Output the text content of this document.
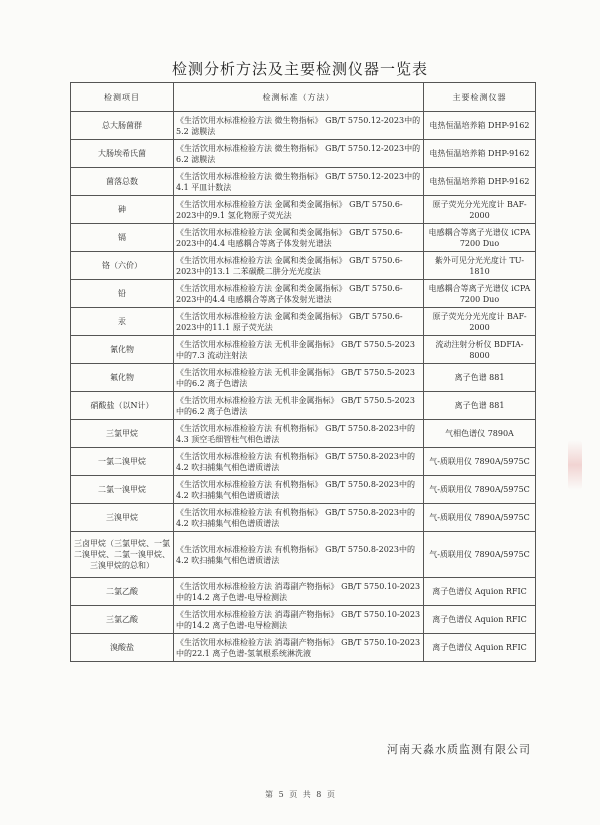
检测分析方法及主要检测仪器一览表
检测项目	检测标准（方法）	主要检测仪器
总大肠菌群	《生活饮用水标准检验方法 微生物指标》 GB/T 5750.12-2023中的5.2 滤膜法	电热恒温培养箱 DHP-9162
大肠埃希氏菌	《生活饮用水标准检验方法 微生物指标》 GB/T 5750.12-2023中的6.2 滤膜法	电热恒温培养箱 DHP-9162
菌落总数	《生活饮用水标准检验方法 微生物指标》 GB/T 5750.12-2023中的4.1 平皿计数法	电热恒温培养箱 DHP-9162
砷	《生活饮用水标准检验方法 金属和类金属指标》 GB/T 5750.6-2023中的9.1 氢化物原子荧光法	原子荧光分光光度计 BAF-2000
镉	《生活饮用水标准检验方法 金属和类金属指标》 GB/T 5750.6-2023中的4.4 电感耦合等离子体发射光谱法	电感耦合等离子光谱仪 iCPA 7200 Duo
铬（六价）	《生活饮用水标准检验方法 金属和类金属指标》 GB/T 5750.6-2023中的13.1 二苯碳酰二肼分光光度法	紫外可见分光光度计 TU-1810
铅	《生活饮用水标准检验方法 金属和类金属指标》 GB/T 5750.6-2023中的4.4 电感耦合等离子体发射光谱法	电感耦合等离子光谱仪 iCPA 7200 Duo
汞	《生活饮用水标准检验方法 金属和类金属指标》 GB/T 5750.6-2023中的11.1 原子荧光法	原子荧光分光光度计 BAF-2000
氰化物	《生活饮用水标准检验方法 无机非金属指标》 GB/T 5750.5-2023中的7.3 流动注射法	流动注射分析仪 BDFIA-8000
氟化物	《生活饮用水标准检验方法 无机非金属指标》 GB/T 5750.5-2023中的6.2 离子色谱法	离子色谱 881
硝酸盐（以N计）	《生活饮用水标准检验方法 无机非金属指标》 GB/T 5750.5-2023中的6.2 离子色谱法	离子色谱 881
三氯甲烷	《生活饮用水标准检验方法 有机物指标》 GB/T 5750.8-2023中的4.3 顶空毛细管柱气相色谱法	气相色谱仪 7890A
一氯二溴甲烷	《生活饮用水标准检验方法 有机物指标》 GB/T 5750.8-2023中的4.2 吹扫捕集气相色谱质谱法	气-质联用仪 7890A/5975C
二氯一溴甲烷	《生活饮用水标准检验方法 有机物指标》 GB/T 5750.8-2023中的4.2 吹扫捕集气相色谱质谱法	气-质联用仪 7890A/5975C
三溴甲烷	《生活饮用水标准检验方法 有机物指标》 GB/T 5750.8-2023中的4.2 吹扫捕集气相色谱质谱法	气-质联用仪 7890A/5975C
三卤甲烷（三氯甲烷、一氯二溴甲烷、二氯一溴甲烷、三溴甲烷的总和）	《生活饮用水标准检验方法 有机物指标》 GB/T 5750.8-2023中的4.2 吹扫捕集气相色谱质谱法	气-质联用仪 7890A/5975C
二氯乙酸	《生活饮用水标准检验方法 消毒副产物指标》 GB/T 5750.10-2023中的14.2 离子色谱-电导检测法	离子色谱仪 Aquion RFIC
三氯乙酸	《生活饮用水标准检验方法 消毒副产物指标》 GB/T 5750.10-2023中的14.2 离子色谱-电导检测法	离子色谱仪 Aquion RFIC
溴酸盐	《生活饮用水标准检验方法 消毒副产物指标》 GB/T 5750.10-2023中的22.1 离子色谱-氢氧根系统淋洗液	离子色谱仪 Aquion RFIC
河南天淼水质监测有限公司
第 5 页 共 8 页
